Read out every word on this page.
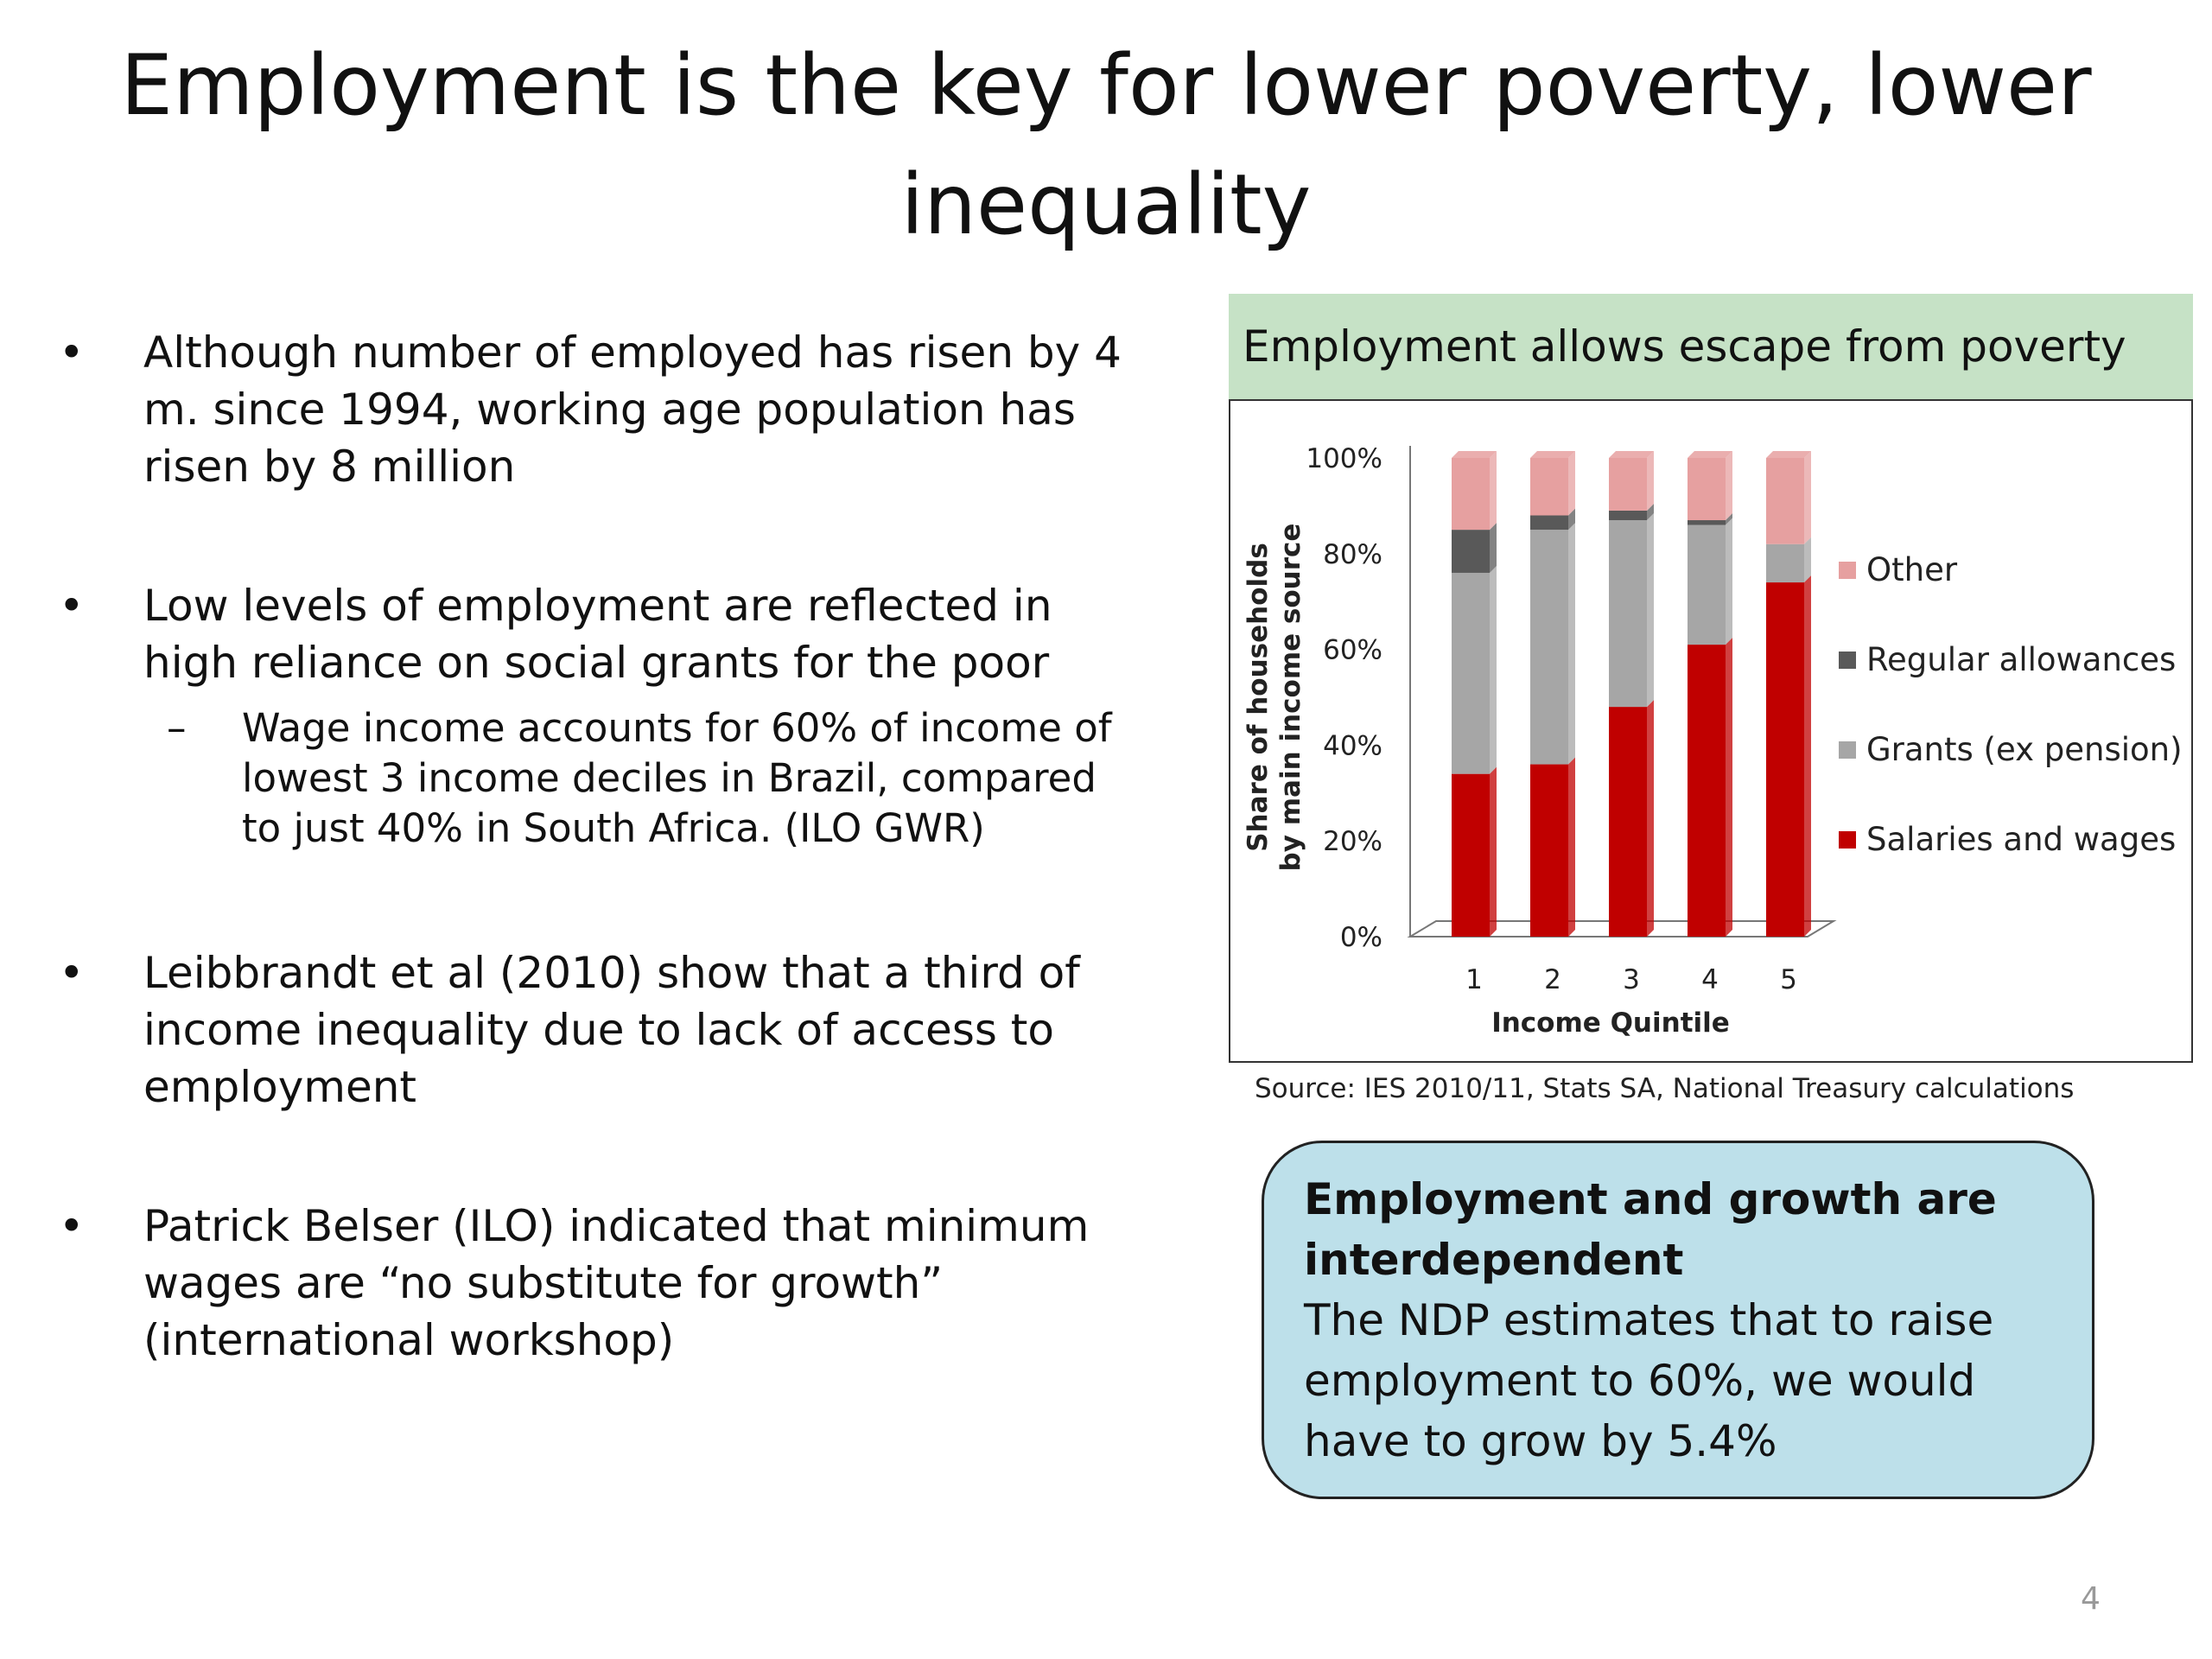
Employment is the key for lower poverty, lower inequality
• Although number of employed has risen by 4 m. since 1994, working age population has risen by 8 million
• Low levels of employment are reflected in high reliance on social grants for the poor
– Wage income accounts for 60% of income of lowest 3 income deciles in Brazil, compared to just 40% in South Africa. (ILO GWR)
• Leibbrandt et al (2010) show that a third of income inequality due to lack of access to employment
• Patrick Belser (ILO) indicated that minimum wages are “no substitute for growth” (international workshop)
Employment allows escape from poverty
0%
20%
40%
60%
80%
100%
Share of households by main income source
1 2 3 4 5
Income Quintile
Other
Regular allowances
Grants (ex pension)
Salaries and wages
Source: IES 2010/11, Stats SA, National Treasury calculations
Employment and growth are interdependent
The NDP estimates that to raise employment to 60%, we would have to grow by 5.4%
4
